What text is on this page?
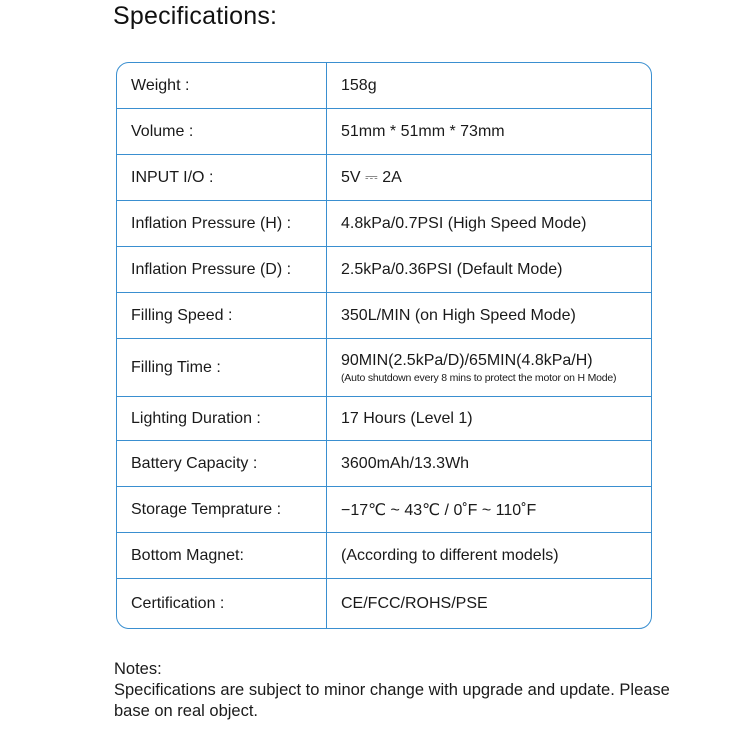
Specifications:
Weight :	158g
Volume :	51mm * 51mm * 73mm
INPUT I/O :	5V ⎓ 2A
Inflation Pressure (H) :	4.8kPa/0.7PSI (High Speed Mode)
Inflation Pressure (D) :	2.5kPa/0.36PSI (Default Mode)
Filling Speed :	350L/MIN (on High Speed Mode)
Filling Time :	90MIN(2.5kPa/D)/65MIN(4.8kPa/H)
(Auto shutdown every 8 mins to protect the motor on H Mode)
Lighting Duration :	17 Hours (Level 1)
Battery Capacity :	3600mAh/13.3Wh
Storage Temprature :	−17℃ ~ 43℃ / 0˚F ~ 110˚F
Bottom Magnet:	(According to different models)
Certification :	CE/FCC/ROHS/PSE
Notes:
Specifications are subject to minor change with upgrade and update. Please base on real object.
